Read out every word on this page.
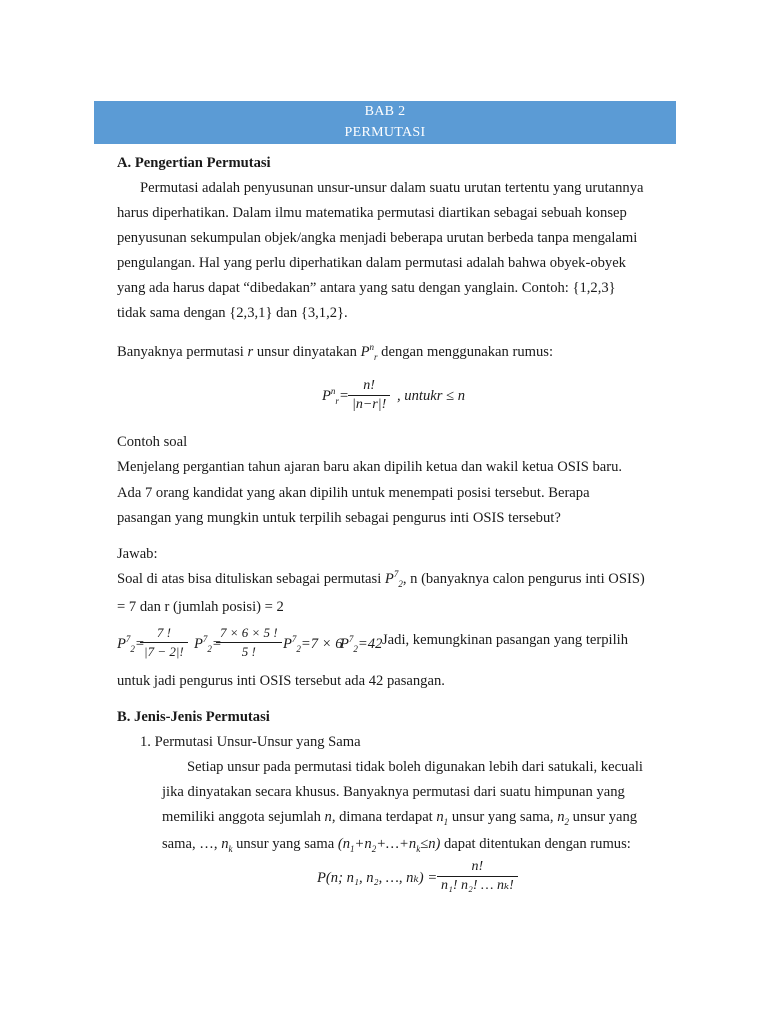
BAB 2
PERMUTASI
A. Pengertian Permutasi
Permutasi adalah penyusunan unsur-unsur dalam suatu urutan tertentu yang urutannya
harus diperhatikan. Dalam ilmu matematika permutasi diartikan sebagai sebuah konsep
penyusunan sekumpulan objek/angka menjadi beberapa urutan berbeda tanpa mengalami
pengulangan. Hal yang perlu diperhatikan dalam permutasi adalah bahwa obyek-obyek
yang ada harus dapat “dibedakan” antara yang satu dengan yanglain. Contoh: {1,2,3}
tidak sama dengan {2,3,1} dan {3,1,2}.
Banyaknya permutasi r unsur dinyatakan $P^n_r$ dengan menggunakan rumus:
$P^n_r= \frac{n!}{|n-r|!}$ , untukr ≤ n
Contoh soal
Menjelang pergantian tahun ajaran baru akan dipilih ketua dan wakil ketua OSIS baru.
Ada 7 orang kandidat yang akan dipilih untuk menempati posisi tersebut. Berapa
pasangan yang mungkin untuk terpilih sebagai pengurus inti OSIS tersebut?
Jawab:
Soal di atas bisa dituliskan sebagai permutasi $P^7_2$, n (banyaknya calon pengurus inti OSIS)
= 7 dan r (jumlah posisi) = 2
$P^7_2=$
$\frac{7 !}{|7 - 2|!} P^7_2=$
$\frac{7 \times 6 \times 5 !}{5 !} P^7_2=7 \times 6$
$P^7_2=42$ Jadi, kemungkinan pasangan yang terpilih
untuk jadi pengurus inti OSIS tersebut ada 42 pasangan.
B. Jenis-Jenis Permutasi
1. Permutasi Unsur-Unsur yang Sama
Setiap unsur pada permutasi tidak boleh digunakan lebih dari satukali, kecuali
jika dinyatakan secara khusus. Banyaknya permutasi dari suatu himpunan yang
memiliki anggota sejumlah n, dimana terdapat $n_1$ unsur yang sama, $n_2$ unsur yang
sama, …, $n_k$ unsur yang sama $(n_1+n_2+\dots+n_k\le n)$ dapat ditentukan dengan rumus:
P(n; n₁, n₂, …, $n_k) = \frac{n!}{\text{n₁! n₂! … nₖ!}}$
